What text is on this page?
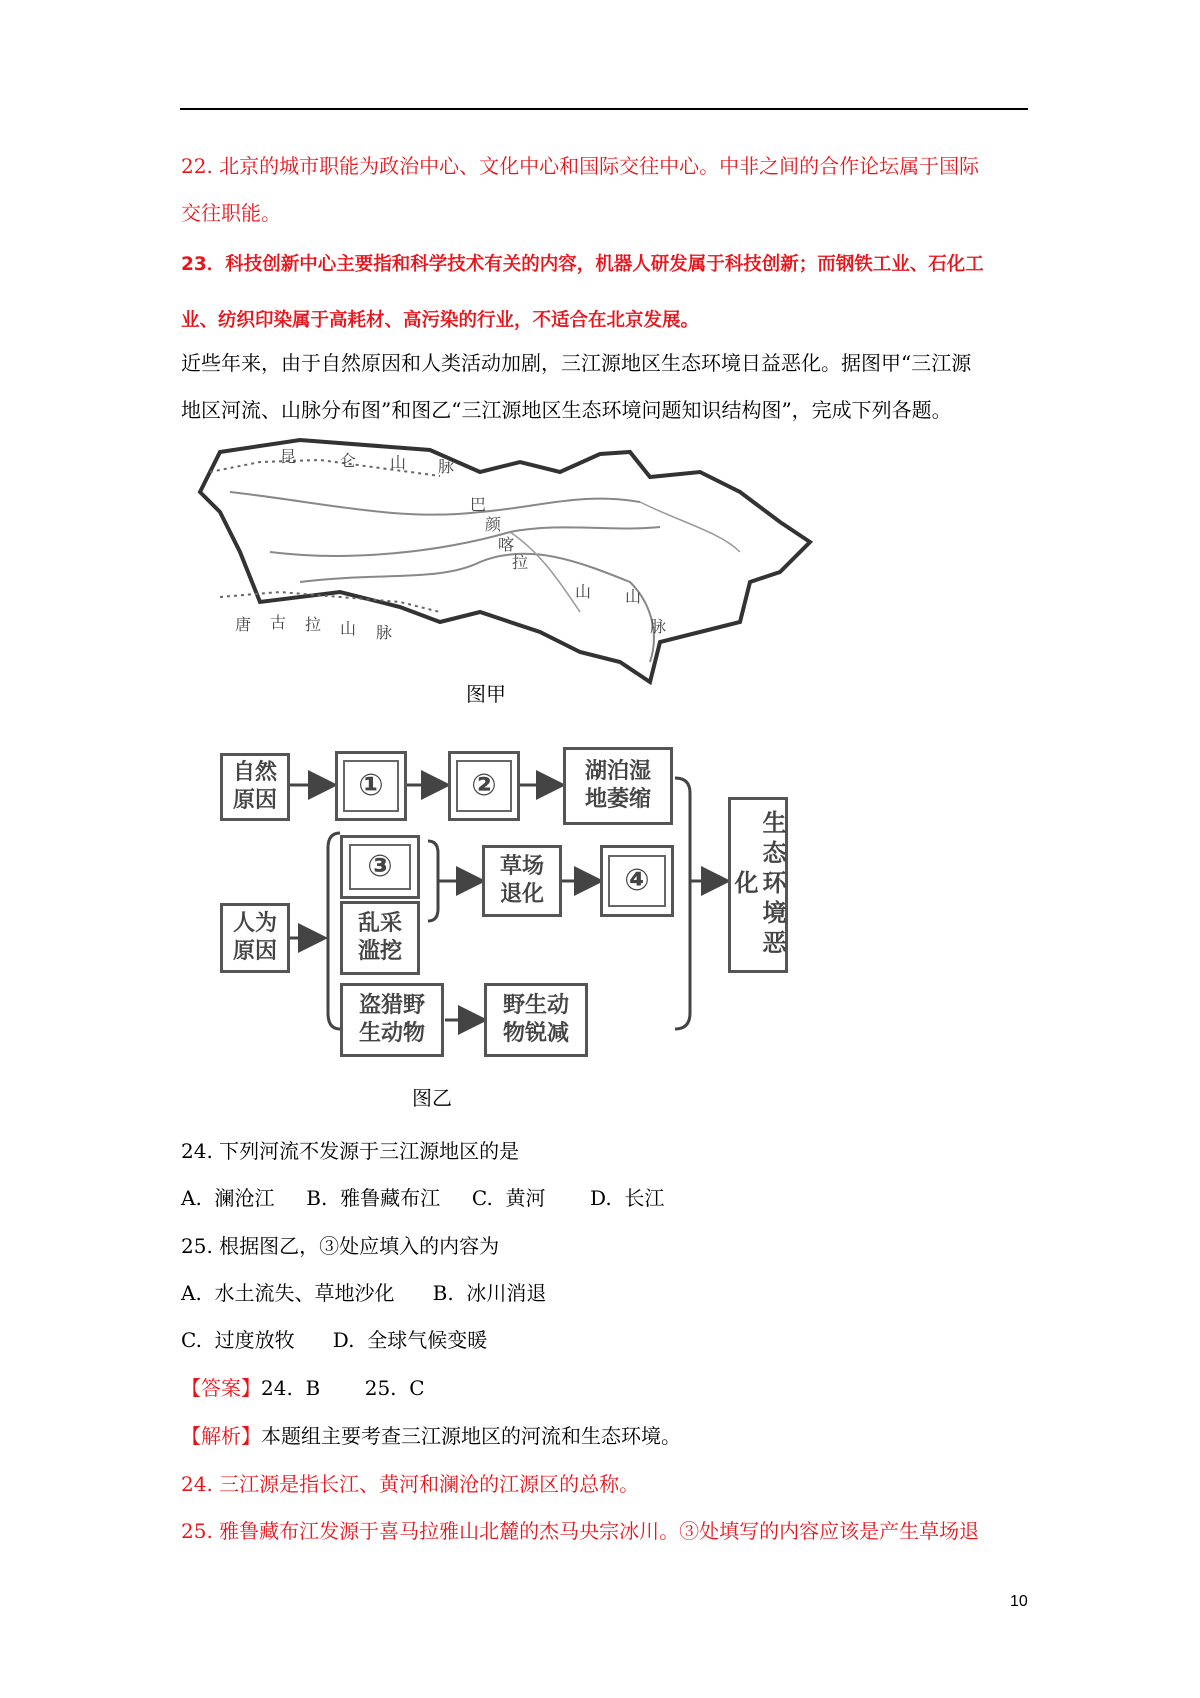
22. 北京的城市职能为政治中心、文化中心和国际交往中心。中非之间的合作论坛属于国际
交往职能。
23．科技创新中心主要指和科学技术有关的内容，机器人研发属于科技创新；而钢铁工业、石化工
业、纺织印染属于高耗材、高污染的行业，不适合在北京发展。
近些年来，由于自然原因和人类活动加剧，三江源地区生态环境日益恶化。据图甲“三江源
地区河流、山脉分布图”和图乙“三江源地区生态环境问题知识结构图”，完成下列各题。
昆	仑 山 脉
巴
颜
喀
拉
山
唐 古 拉 山 脉
山
脉
图甲
自然
原因	①	②	湖泊湿
地萎缩
③
乱采
滥挖
人为
原因
草场
退化	④
盗猎野
生动物
野生动
物锐减
生态环境恶化
图乙
24. 下列河流不发源于三江源地区的是
A.  澜沧江     B.  雅鲁藏布江     C.  黄河       D.  长江
25. 根据图乙，③处应填入的内容为
A.  水土流失、草地沙化      B.  冰川消退
C.  过度放牧      D.  全球气候变暖
【答案】24.  B       25.  C
【解析】本题组主要考查三江源地区的河流和生态环境。
24. 三江源是指长江、黄河和澜沧的江源区的总称。
25. 雅鲁藏布江发源于喜马拉雅山北麓的杰马央宗冰川。③处填写的内容应该是产生草场退
10
